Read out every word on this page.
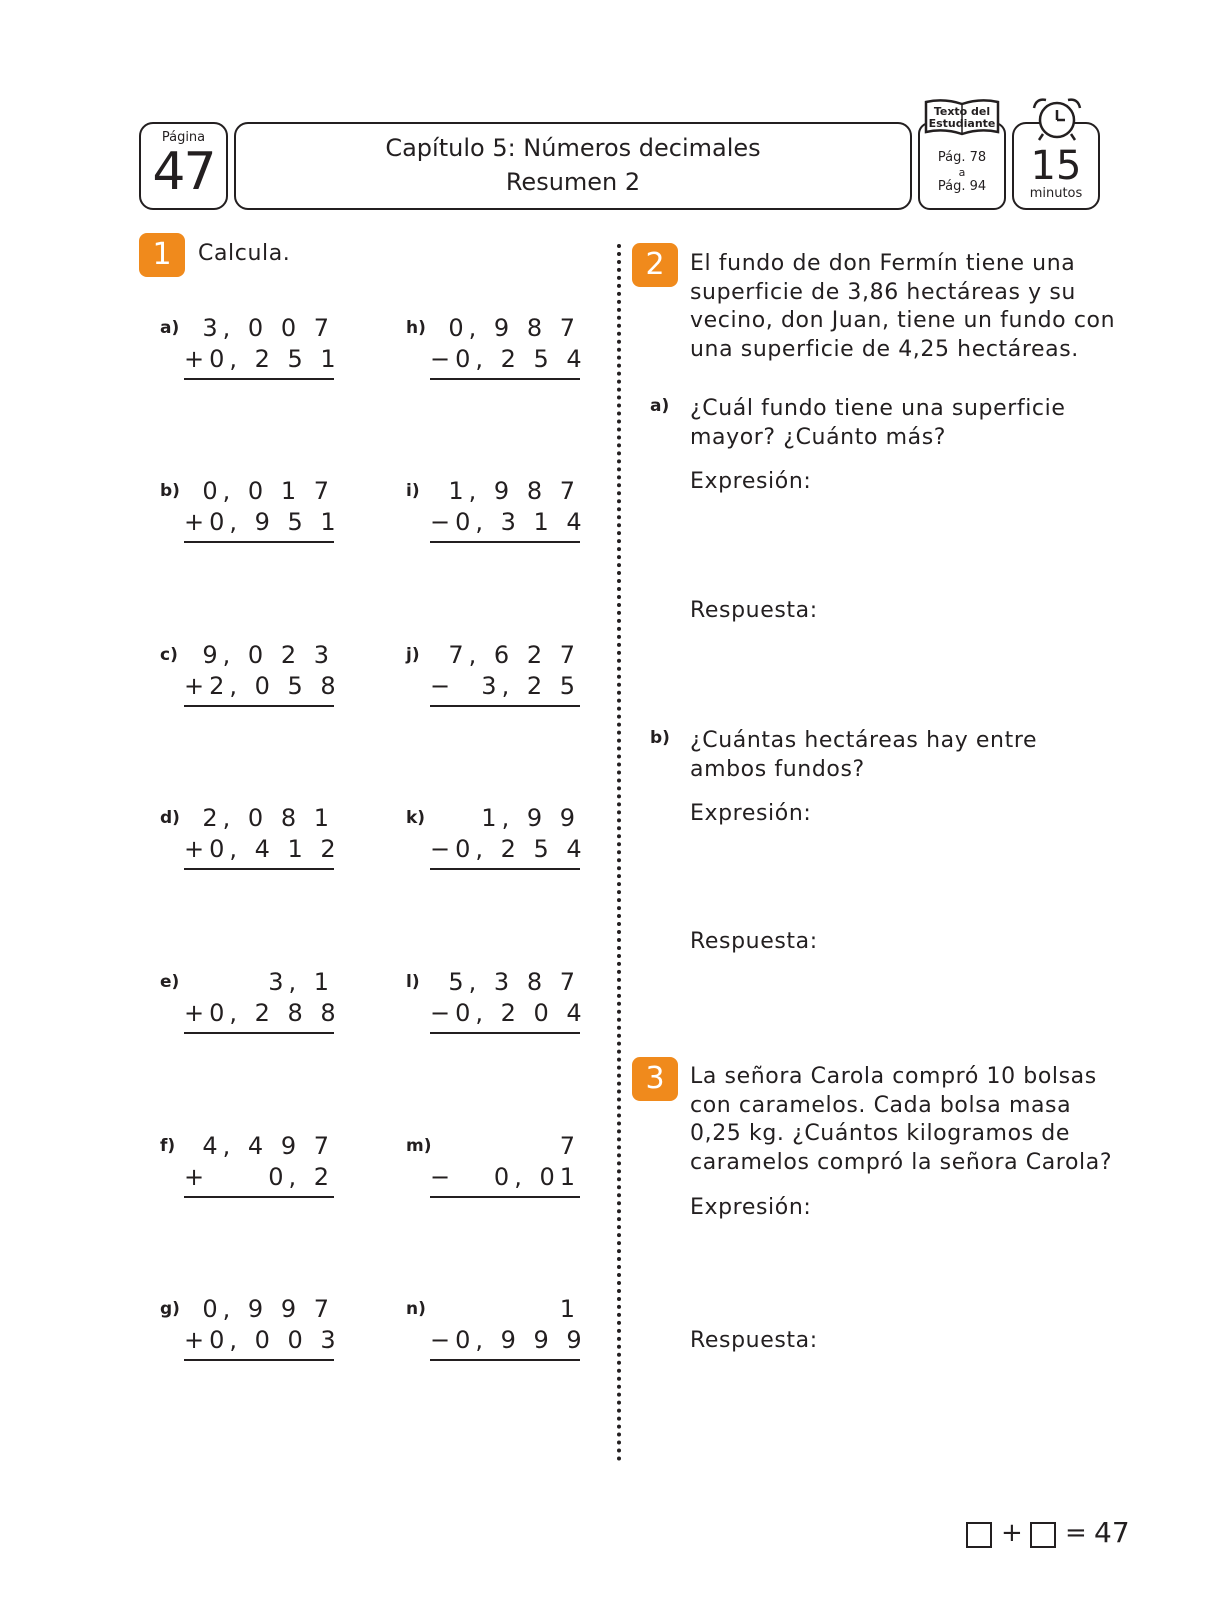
Página
47	Capítulo 5: Números decimales
Resumen 2
Pág. 78
a
Pág. 94
Texto del
Estudiante
15
minutos
1	Calcula.
a) 3, 0 0 7
+ 0, 2 5 1
b) 0, 0 1 7
+ 0, 9 5 1
c)	9, 0 2 3
+ 2, 0 5 8
d) 2, 0 8 1
+ 0, 4 1 2
e)	3, 1
+ 0, 2 8 8
f)	4, 4 9 7
+ 0, 2
g) 0, 9 9 7
+ 0, 0 0 3
h) 0, 9 8 7
− 0, 2 5 4
i)	1, 9 8 7
− 0, 3 1 4
j)	7, 6 2 7
− 3, 2 5
k)	1, 9 9
− 0, 2 5 4
l)	5, 3 8 7
− 0, 2 0 4
m)	7
− 0, 01
n)	1
− 0, 9 9 9
2	El fundo de don Fermín tiene una
superficie de 3,86 hectáreas y su
vecino, don Juan, tiene un fundo con
una superficie de 4,25 hectáreas.
a) ¿Cuál fundo tiene una superficie
mayor? ¿Cuánto más?
Expresión:
Respuesta:
b) ¿Cuántas hectáreas hay entre
ambos fundos?
Expresión:
Respuesta:
3	La señora Carola compró 10 bolsas
con caramelos. Cada bolsa masa
0,25 kg. ¿Cuántos kilogramos de
caramelos compró la señora Carola?
Expresión:
Respuesta:
+ = 47
